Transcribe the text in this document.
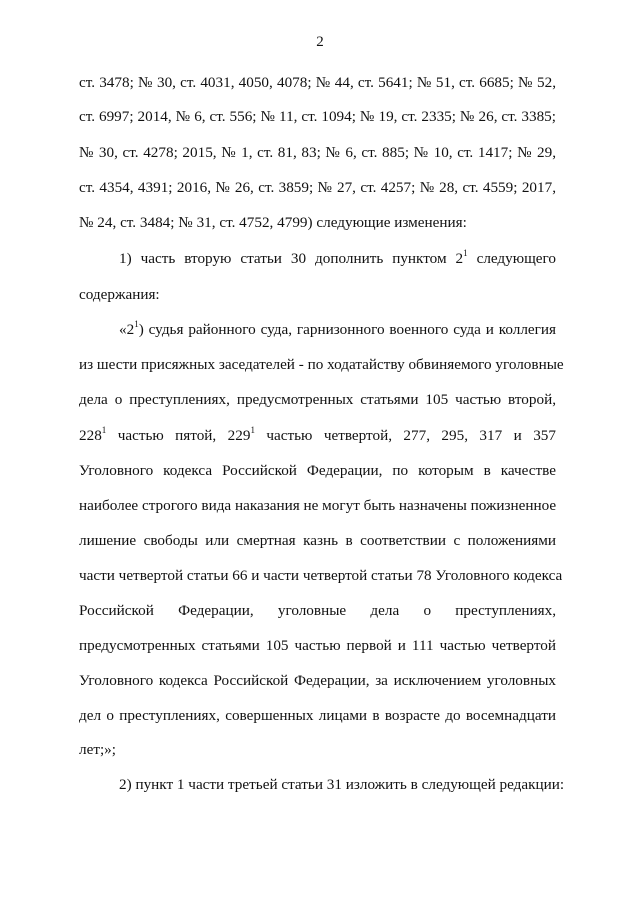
2
ст. 3478; № 30, ст. 4031, 4050, 4078; № 44, ст. 5641; № 51, ст. 6685; № 52,
ст. 6997; 2014, № 6, ст. 556; № 11, ст. 1094; № 19, ст. 2335; № 26, ст. 3385;
№ 30, ст. 4278; 2015, № 1, ст. 81, 83; № 6, ст. 885; № 10, ст. 1417; № 29,
ст. 4354, 4391; 2016, № 26, ст. 3859; № 27, ст. 4257; № 28, ст. 4559; 2017,
№ 24, ст. 3484; № 31, ст. 4752, 4799) следующие изменения:
1) часть вторую статьи 30 дополнить пунктом $2^1$ следующего
содержания:
«$2^1$) судья районного суда, гарнизонного военного суда и коллегия
из шести присяжных заседателей - по ходатайству обвиняемого уголовные
дела о преступлениях, предусмотренных статьями 105 частью второй,
$228^1$ частью пятой, $229^1$ частью четвертой, 277, 295, 317 и 357
Уголовного кодекса Российской Федерации, по которым в качестве
наиболее строгого вида наказания не могут быть назначены пожизненное
лишение свободы или смертная казнь в соответствии с положениями
части четвертой статьи 66 и части четвертой статьи 78 Уголовного кодекса
Российской Федерации, уголовные дела о преступлениях,
предусмотренных статьями 105 частью первой и 111 частью четвертой
Уголовного кодекса Российской Федерации, за исключением уголовных
дел о преступлениях, совершенных лицами в возрасте до восемнадцати
лет;»;
2) пункт 1 части третьей статьи 31 изложить в следующей редакции:
